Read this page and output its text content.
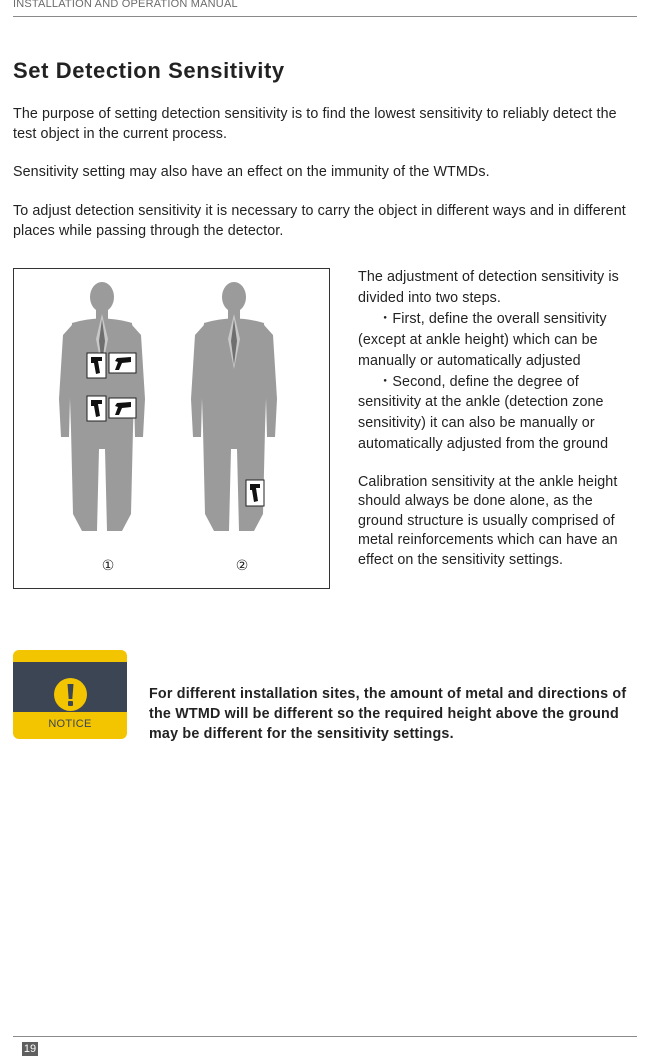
INSTALLATION AND OPERATION MANUAL
Set Detection Sensitivity

The purpose of setting detection sensitivity is to find the lowest sensitivity to reliably detect the test object in the current process.

Sensitivity setting may also have an effect on the immunity of the WTMDs.

To adjust detection sensitivity it is necessary to carry the object in different ways and in different places while passing through the detector.

①	②

The adjustment of detection sensitivity is divided into two steps.

・First, define the overall sensitivity (except at ankle height) which can be manually or automatically adjusted

・Second, define the degree of sensitivity at the ankle (detection zone sensitivity) it can also be manually or automatically adjusted from the ground

Calibration sensitivity at the ankle height should always be done alone, as the ground structure is usually comprised of metal reinforcements which can have an effect on the sensitivity settings.

NOTICE

For different installation sites, the amount of metal and directions of the WTMD will be different so the required height above the ground may be different for the sensitivity settings.

19
